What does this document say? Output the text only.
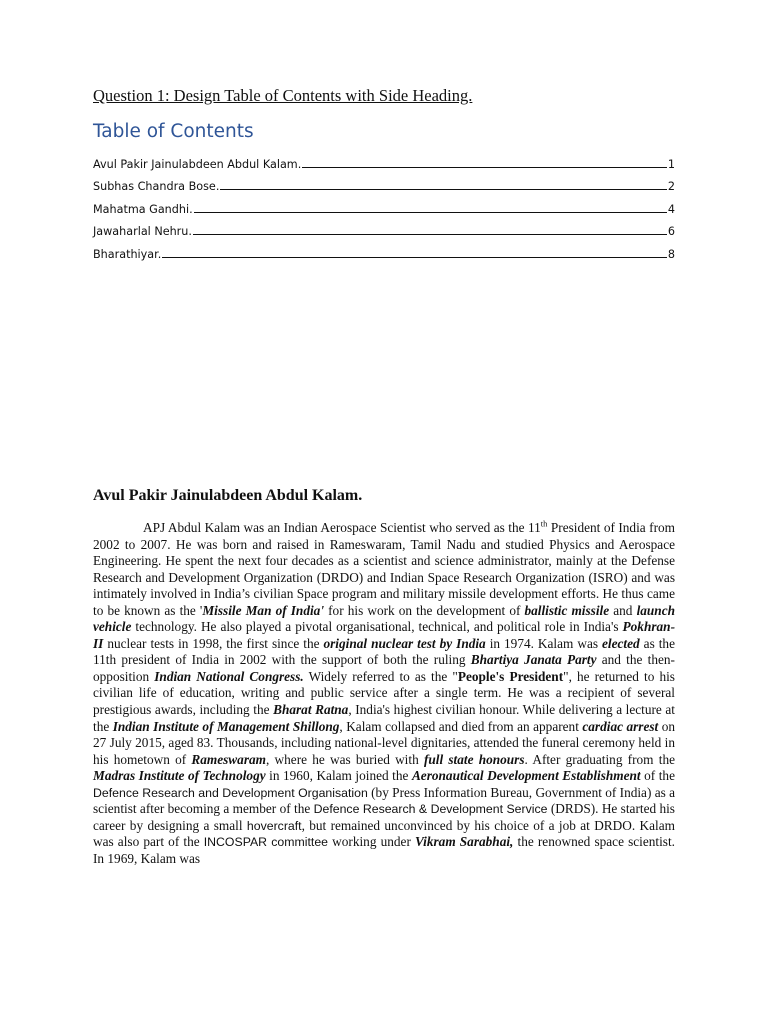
Question 1: Design Table of Contents with Side Heading.
Table of Contents
Avul Pakir Jainulabdeen Abdul Kalam.	1
Subhas Chandra Bose.	2
Mahatma Gandhi.	4
Jawaharlal Nehru.	6
Bharathiyar.	8
Avul Pakir Jainulabdeen Abdul Kalam.

APJ Abdul Kalam was an Indian Aerospace Scientist who served as the 11th President of India from 2002 to 2007. He was born and raised in Rameswaram, Tamil Nadu and studied Physics and Aerospace Engineering. He spent the next four decades as a scientist and science administrator, mainly at the Defense Research and Development Organization (DRDO) and Indian Space Research Organization (ISRO) and was intimately involved in India’s civilian Space program and military missile development efforts. He thus came to be known as the 'Missile Man of India' for his work on the development of ballistic missile and launch vehicle technology. He also played a pivotal organisational, technical, and political role in India's Pokhran-II nuclear tests in 1998, the first since the original nuclear test by India in 1974. Kalam was elected as the 11th president of India in 2002 with the support of both the ruling Bhartiya Janata Party and the then-opposition Indian National Congress. Widely referred to as the "People's President", he returned to his civilian life of education, writing and public service after a single term. He was a recipient of several prestigious awards, including the Bharat Ratna, India's highest civilian honour. While delivering a lecture at the Indian Institute of Management Shillong, Kalam collapsed and died from an apparent cardiac arrest on 27 July 2015, aged 83. Thousands, including national-level dignitaries, attended the funeral ceremony held in his hometown of Rameswaram, where he was buried with full state honours. After graduating from the Madras Institute of Technology in 1960, Kalam joined the Aeronautical Development Establishment of the Defence Research and Development Organisation (by Press Information Bureau, Government of India) as a scientist after becoming a member of the Defence Research & Development Service (DRDS). He started his career by designing a small hovercraft, but remained unconvinced by his choice of a job at DRDO. Kalam was also part of the INCOSPAR committee working under Vikram Sarabhai, the renowned space scientist. In 1969, Kalam was
